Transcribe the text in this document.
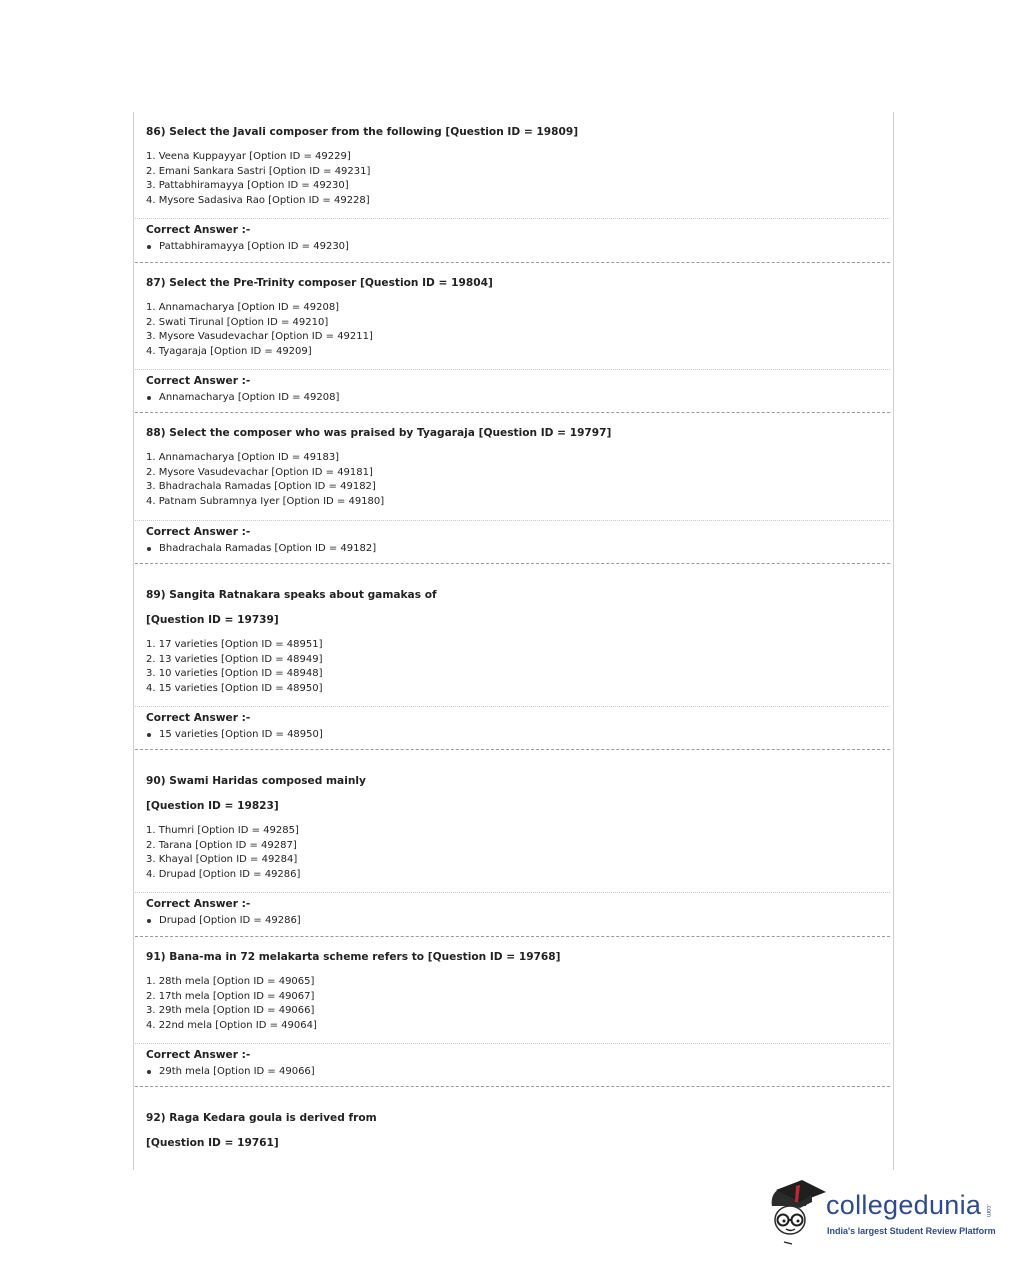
86) Select the Javali composer from the following [Question ID = 19809]
1. Veena Kuppayyar [Option ID = 49229]
2. Emani Sankara Sastri [Option ID = 49231]
3. Pattabhiramayya [Option ID = 49230]
4. Mysore Sadasiva Rao [Option ID = 49228]
Correct Answer :-
Pattabhiramayya [Option ID = 49230]
87) Select the Pre-Trinity composer [Question ID = 19804]
1. Annamacharya [Option ID = 49208]
2. Swati Tirunal [Option ID = 49210]
3. Mysore Vasudevachar [Option ID = 49211]
4. Tyagaraja [Option ID = 49209]
Correct Answer :-
Annamacharya [Option ID = 49208]
88) Select the composer who was praised by Tyagaraja [Question ID = 19797]
1. Annamacharya [Option ID = 49183]
2. Mysore Vasudevachar [Option ID = 49181]
3. Bhadrachala Ramadas [Option ID = 49182]
4. Patnam Subramnya Iyer [Option ID = 49180]
Correct Answer :-
Bhadrachala Ramadas [Option ID = 49182]
89) Sangita Ratnakara speaks about gamakas of
[Question ID = 19739]
1. 17 varieties [Option ID = 48951]
2. 13 varieties [Option ID = 48949]
3. 10 varieties [Option ID = 48948]
4. 15 varieties [Option ID = 48950]
Correct Answer :-
15 varieties [Option ID = 48950]
90) Swami Haridas composed mainly
[Question ID = 19823]
1. Thumri [Option ID = 49285]
2. Tarana [Option ID = 49287]
3. Khayal [Option ID = 49284]
4. Drupad [Option ID = 49286]
Correct Answer :-
Drupad [Option ID = 49286]
91) Bana-ma in 72 melakarta scheme refers to [Question ID = 19768]
1. 28th mela [Option ID = 49065]
2. 17th mela [Option ID = 49067]
3. 29th mela [Option ID = 49066]
4. 22nd mela [Option ID = 49064]
Correct Answer :-
29th mela [Option ID = 49066]
92) Raga Kedara goula is derived from
[Question ID = 19761]
collegedunia .com
India's largest Student Review Platform
